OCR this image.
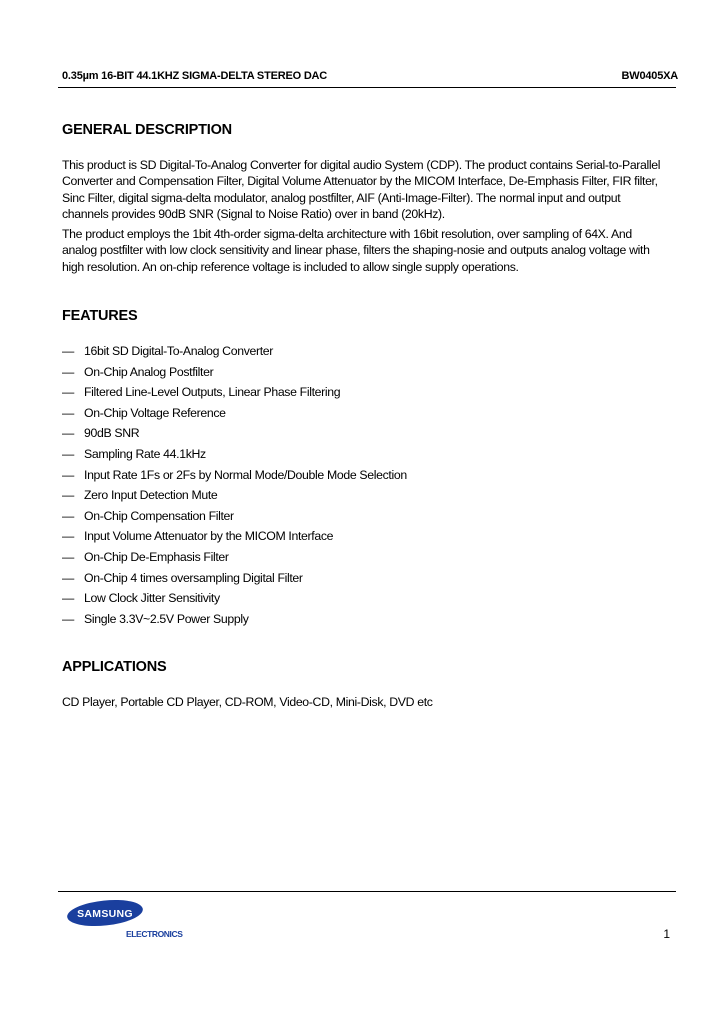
0.35µm 16-BIT 44.1KHZ SIGMA-DELTA STEREO DAC	BW0405XA
GENERAL DESCRIPTION

This product is SD Digital-To-Analog Converter for digital audio System (CDP). The product contains Serial-to-Parallel Converter and Compensation Filter, Digital Volume Attenuator by the MICOM Interface, De-Emphasis Filter, FIR filter, Sinc Filter, digital sigma-delta modulator, analog postfilter, AIF (Anti-Image-Filter). The normal input and output channels provides 90dB SNR (Signal to Noise Ratio) over in band (20kHz).

The product employs the 1bit 4th-order sigma-delta architecture with 16bit resolution, over sampling of 64X. And analog postfilter with low clock sensitivity and linear phase, filters the shaping-nosie and outputs analog voltage with high resolution. An on-chip reference voltage is included to allow single supply operations.

FEATURES
— 16bit SD Digital-To-Analog Converter
— On-Chip Analog Postfilter
— Filtered Line-Level Outputs, Linear Phase Filtering
— On-Chip Voltage Reference
— 90dB SNR
— Sampling Rate 44.1kHz
— Input Rate 1Fs or 2Fs by Normal Mode/Double Mode Selection
— Zero Input Detection Mute
— On-Chip Compensation Filter
— Input Volume Attenuator by the MICOM Interface
— On-Chip De-Emphasis Filter
— On-Chip 4 times oversampling Digital Filter
— Low Clock Jitter Sensitivity
— Single 3.3V~2.5V Power Supply
APPLICATIONS

CD Player, Portable CD Player, CD-ROM, Video-CD, Mini-Disk, DVD etc

SAMSUNG
ELECTRONICS	1
